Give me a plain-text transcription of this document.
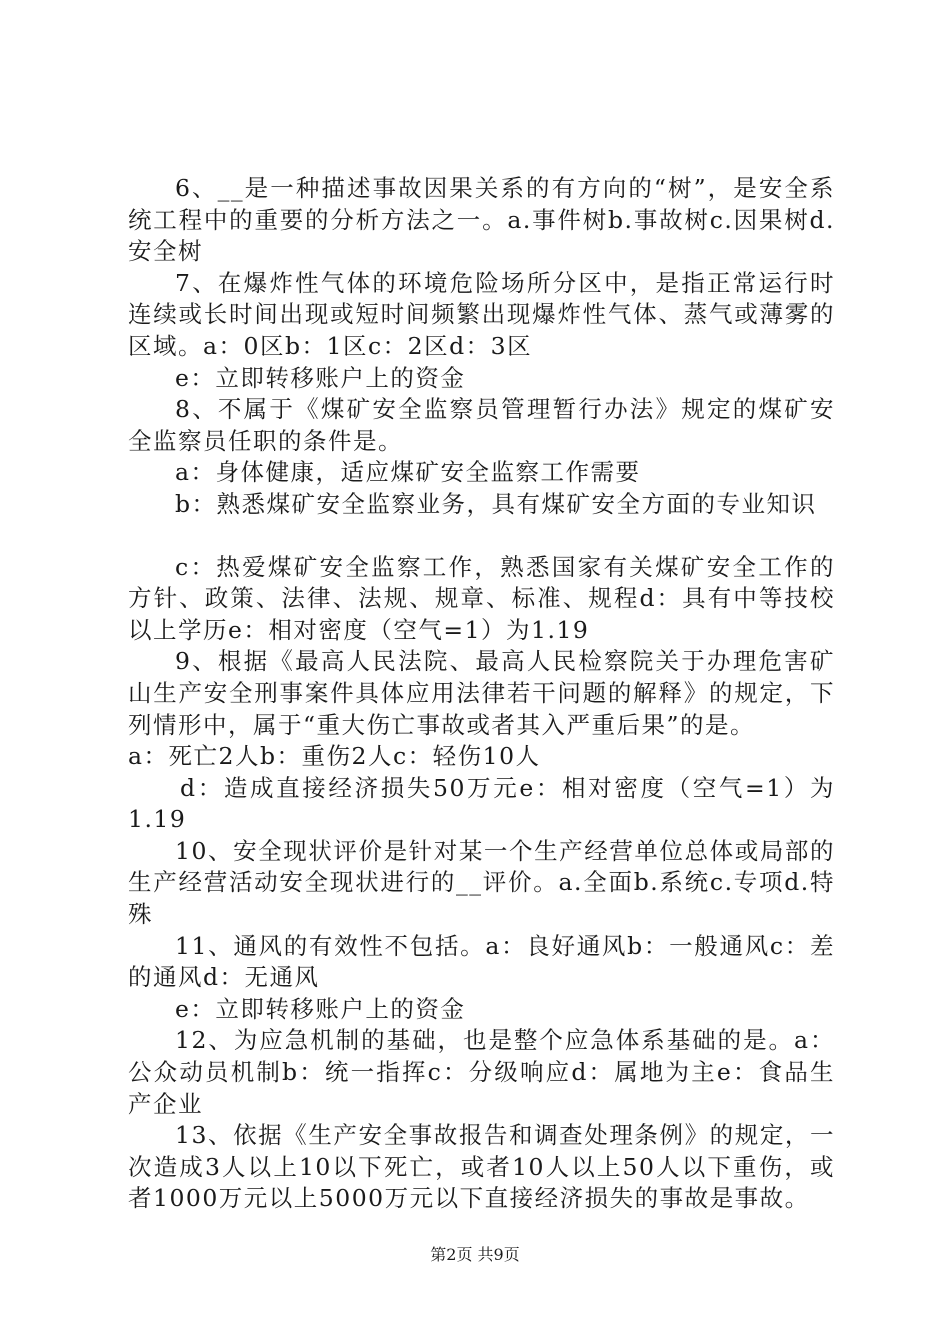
6、__是一种描述事故因果关系的有方向的“树”，是安全系统工程中的重要的分析方法之一。a.事件树b.事故树c.因果树d.安全树

7、在爆炸性气体的环境危险场所分区中，是指正常运行时连续或长时间出现或短时间频繁出现爆炸性气体、蒸气或薄雾的区域。a：0区b：1区c：2区d：3区

e：立即转移账户上的资金

8、不属于《煤矿安全监察员管理暂行办法》规定的煤矿安全监察员任职的条件是。

a：身体健康，适应煤矿安全监察工作需要

b：熟悉煤矿安全监察业务，具有煤矿安全方面的专业知识

c：热爱煤矿安全监察工作，熟悉国家有关煤矿安全工作的方针、政策、法律、法规、规章、标准、规程d：具有中等技校以上学历e：相对密度（空气=1）为1.19

9、根据《最高人民法院、最高人民检察院关于办理危害矿山生产安全刑事案件具体应用法律若干问题的解释》的规定，下列情形中，属于“重大伤亡事故或者其入严重后果”的是。

a：死亡2人b：重伤2人c：轻伤10人

d：造成直接经济损失50万元e：相对密度（空气=1）为1.19

10、安全现状评价是针对某一个生产经营单位总体或局部的生产经营活动安全现状进行的__评价。a.全面b.系统c.专项d.特殊

11、通风的有效性不包括。a：良好通风b：一般通风c：差的通风d：无通风

e：立即转移账户上的资金

12、为应急机制的基础，也是整个应急体系基础的是。a：公众动员机制b：统一指挥c：分级响应d：属地为主e：食品生产企业

13、依据《生产安全事故报告和调查处理条例》的规定，一次造成3人以上10以下死亡，或者10人以上50人以下重伤，或者1000万元以上5000万元以下直接经济损失的事故是事故。

第2页 共9页
